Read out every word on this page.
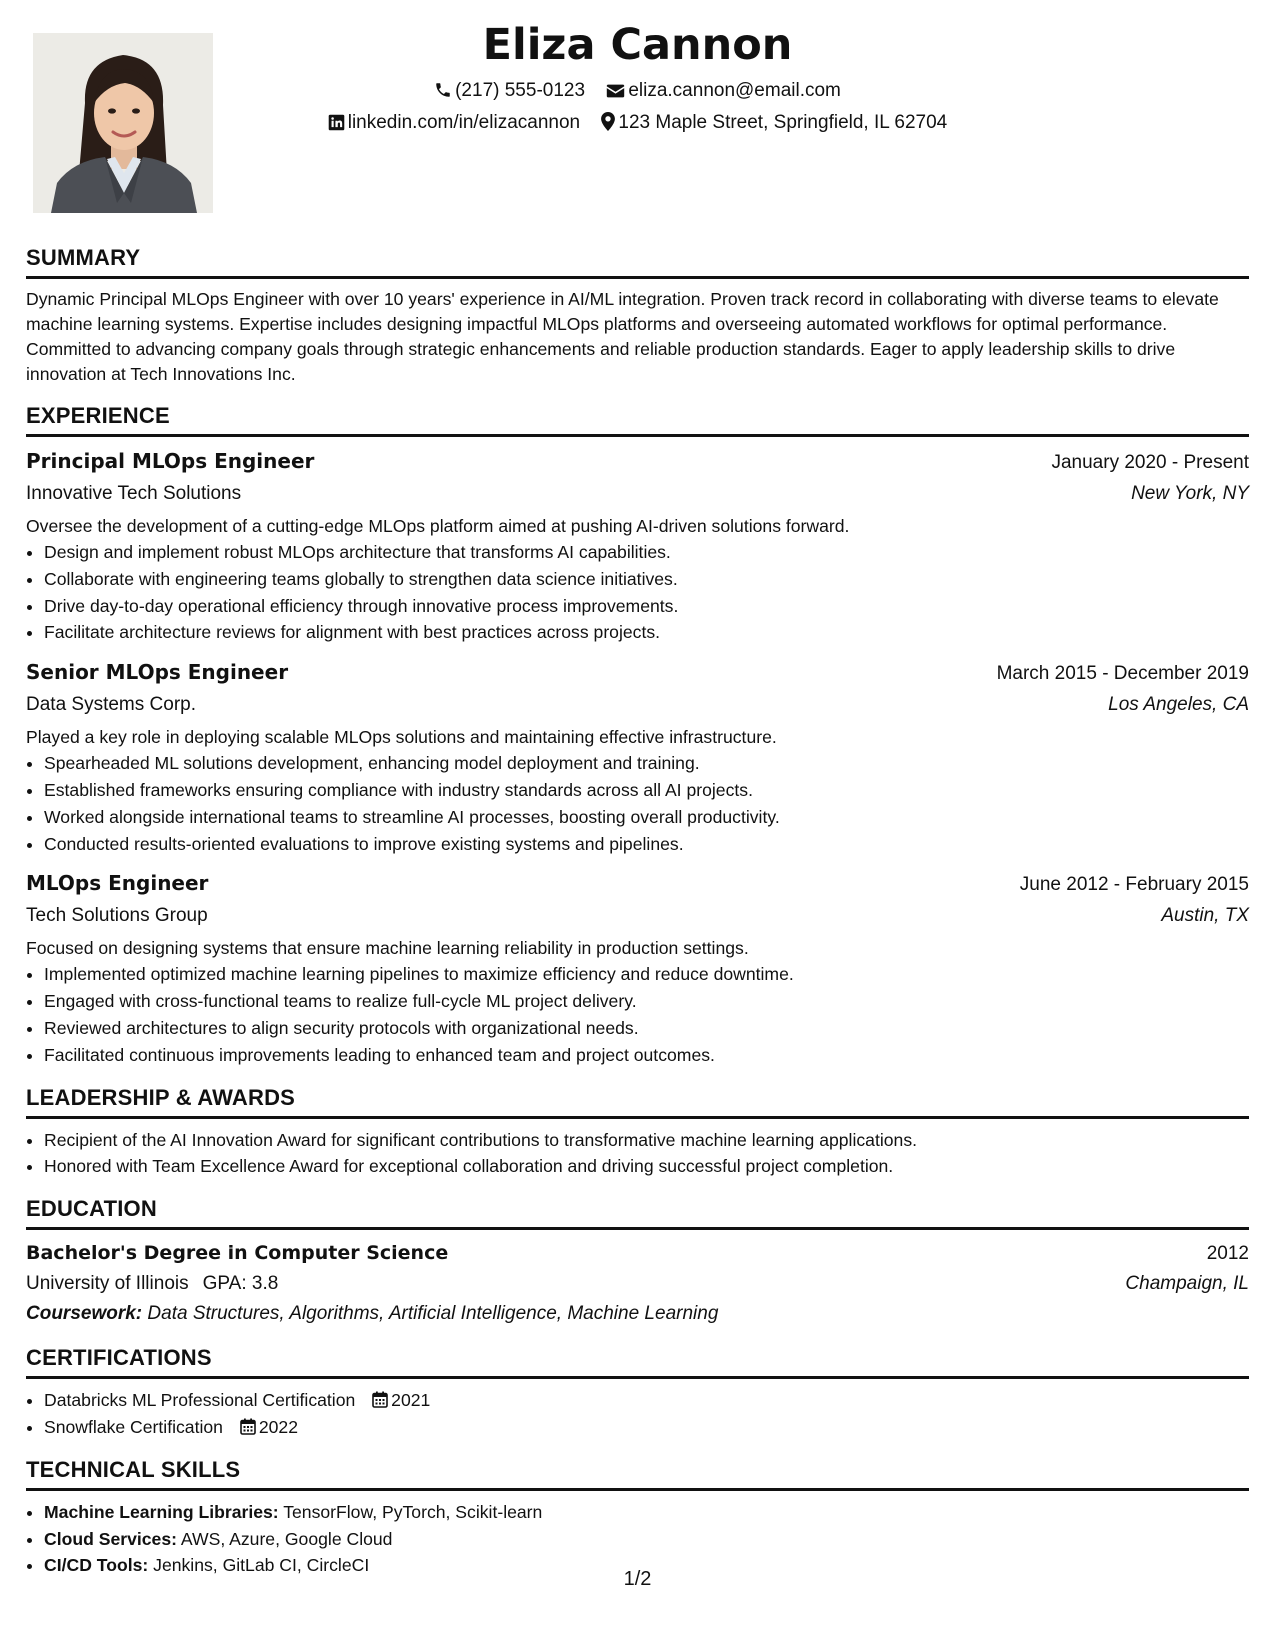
Eliza Cannon
(217) 555-0123 eliza.cannon@email.com
linkedin.com/in/elizacannon 123 Maple Street, Springfield, IL 62704
SUMMARY

Dynamic Principal MLOps Engineer with over 10 years' experience in AI/ML integration. Proven track record in collaborating with diverse teams to elevate machine learning systems. Expertise includes designing impactful MLOps platforms and overseeing automated workflows for optimal performance. Committed to advancing company goals through strategic enhancements and reliable production standards. Eager to apply leadership skills to drive innovation at Tech Innovations Inc.

EXPERIENCE
Principal MLOps Engineer	January 2020 - Present
Innovative Tech Solutions	New York, NY
Oversee the development of a cutting-edge MLOps platform aimed at pushing AI-driven solutions forward.
• Design and implement robust MLOps architecture that transforms AI capabilities.
• Collaborate with engineering teams globally to strengthen data science initiatives.
• Drive day-to-day operational efficiency through innovative process improvements.
• Facilitate architecture reviews for alignment with best practices across projects.
Senior MLOps Engineer	March 2015 - December 2019
Data Systems Corp.	Los Angeles, CA
Played a key role in deploying scalable MLOps solutions and maintaining effective infrastructure.
• Spearheaded ML solutions development, enhancing model deployment and training.
• Established frameworks ensuring compliance with industry standards across all AI projects.
• Worked alongside international teams to streamline AI processes, boosting overall productivity.
• Conducted results-oriented evaluations to improve existing systems and pipelines.
MLOps Engineer	June 2012 - February 2015
Tech Solutions Group	Austin, TX
Focused on designing systems that ensure machine learning reliability in production settings.
• Implemented optimized machine learning pipelines to maximize efficiency and reduce downtime.
• Engaged with cross-functional teams to realize full-cycle ML project delivery.
• Reviewed architectures to align security protocols with organizational needs.
• Facilitated continuous improvements leading to enhanced team and project outcomes.
LEADERSHIP & AWARDS
• Recipient of the AI Innovation Award for significant contributions to transformative machine learning applications.
• Honored with Team Excellence Award for exceptional collaboration and driving successful project completion.
EDUCATION
Bachelor's Degree in Computer Science	2012
University of Illinois GPA: 3.8	Champaign, IL
Coursework: Data Structures, Algorithms, Artificial Intelligence, Machine Learning
CERTIFICATIONS
• Databricks ML Professional Certification 2021
• Snowflake Certification 2022
TECHNICAL SKILLS
• Machine Learning Libraries: TensorFlow, PyTorch, Scikit-learn
• Cloud Services: AWS, Azure, Google Cloud
• CI/CD Tools: Jenkins, GitLab CI, CircleCI
1/2
